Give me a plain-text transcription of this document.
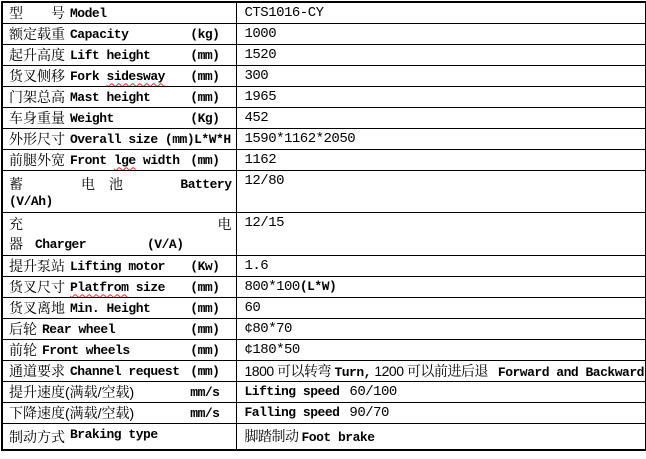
型　　号 Model	CTS1016-CY

额定载重 Capacity (kg)	1000

起升高度 Lift height (mm)	1520

货叉侧移 Fork sidesway (mm)	300

门架总高 Mast height (mm)	1965

车身重量 Weight (Kg)	452

外形尺寸 Overall size (mm)L*W*H	1590*1162*2050

前腿外宽 Front lge width (mm)	1162

蓄 电 池 Battery
(V/Ah)	12/80

充 电
器 Charger (V/A)	12/15

提升泵站 Lifting motor (Kw)	1.6

货叉尺寸 Platfrom size (mm)	800*100(L*W)

货叉离地 Min. Height (mm)	60

后轮 Rear wheel (mm)	¢80*70

前轮 Front wheels (mm)	¢180*50

通道要求 Channel request (mm)	1800 可以转弯 Turn, 1200 可以前进后退 Forward and Backward

提升速度(满载/空载) mm/s	Lifting speed 60/100

下降速度(满载/空载) mm/s	Falling speed 90/70

制动方式 Braking type	脚踏制动 Foot brake
